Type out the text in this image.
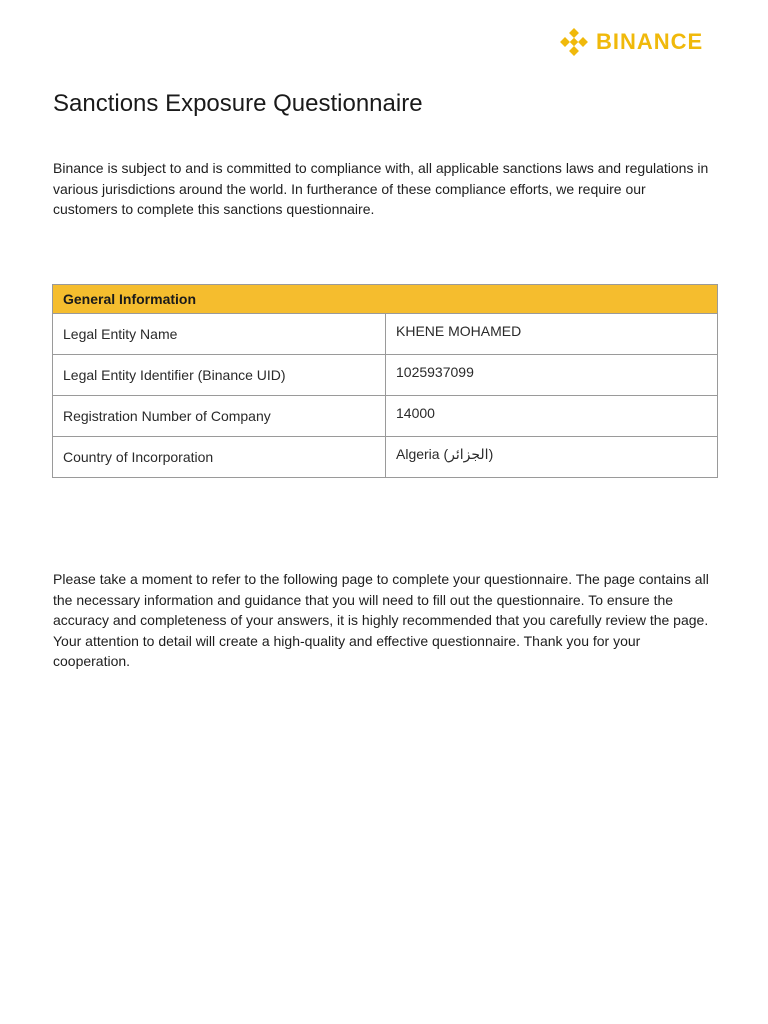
BINANCE
Sanctions Exposure Questionnaire

Binance is subject to and is committed to compliance with, all applicable sanctions laws and regulations in various jurisdictions around the world. In furtherance of these compliance efforts, we require our customers to complete this sanctions questionnaire.

General Information	
Legal Entity Name	KHENE MOHAMED
Legal Entity Identifier (Binance UID)	1025937099
Registration Number of Company	14000
Country of Incorporation	Algeria (الجزائر)

Please take a moment to refer to the following page to complete your questionnaire. The page contains all the necessary information and guidance that you will need to fill out the questionnaire. To ensure the accuracy and completeness of your answers, it is highly recommended that you carefully review the page. Your attention to detail will create a high-quality and effective questionnaire. Thank you for your cooperation.
